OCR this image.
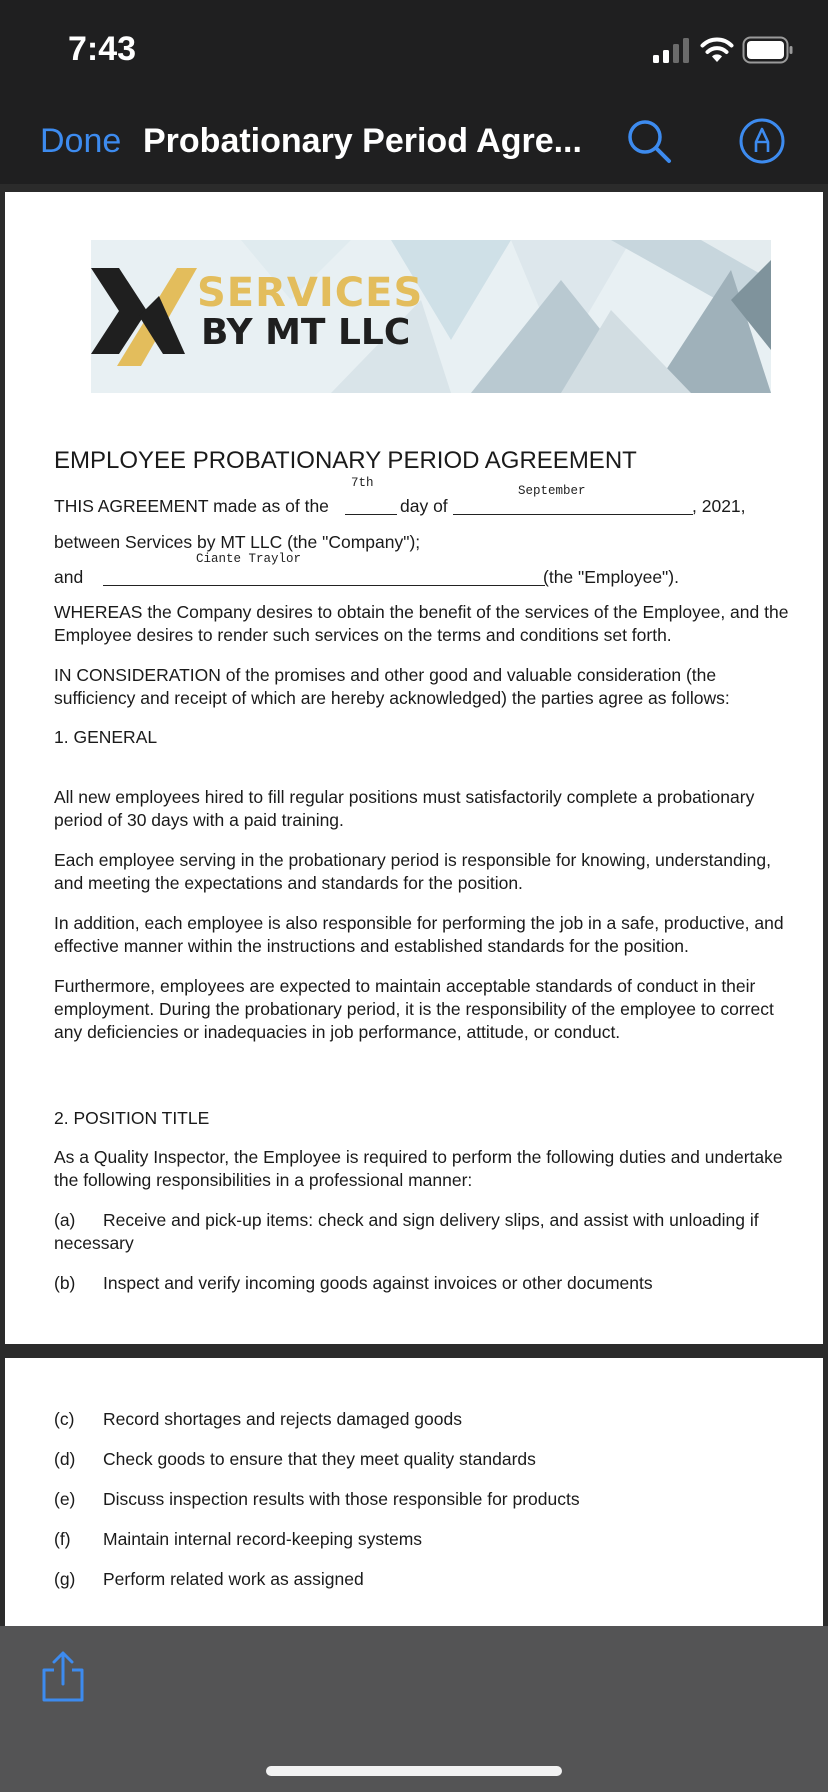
7:43
Done Probationary Period Agre...
SERVICES
BY MT LLC
EMPLOYEE PROBATIONARY PERIOD AGREEMENT
7th
September
THIS AGREEMENT made as of the	day of	, 2021,
between Services by MT LLC (the "Company");
and
Ciante Traylor
(the "Employee").
WHEREAS the Company desires to obtain the benefit of the services of the Employee, and the Employee desires to render such services on the terms and conditions set forth.
IN CONSIDERATION of the promises and other good and valuable consideration (the sufficiency and receipt of which are hereby acknowledged) the parties agree as follows:
1. GENERAL
All new employees hired to fill regular positions must satisfactorily complete a probationary period of 30 days with a paid training.
Each employee serving in the probationary period is responsible for knowing, understanding, and meeting the expectations and standards for the position.
In addition, each employee is also responsible for performing the job in a safe, productive, and effective manner within the instructions and established standards for the position.
Furthermore, employees are expected to maintain acceptable standards of conduct in their employment. During the probationary period, it is the responsibility of the employee to correct any deficiencies or inadequacies in job performance, attitude, or conduct.
2. POSITION TITLE
As a Quality Inspector, the Employee is required to perform the following duties and undertake the following responsibilities in a professional manner:
(a) Receive and pick-up items: check and sign delivery slips, and assist with unloading if
necessary
(b) Inspect and verify incoming goods against invoices or other documents
(c) Record shortages and rejects damaged goods
(d) Check goods to ensure that they meet quality standards
(e) Discuss inspection results with those responsible for products
(f) Maintain internal record-keeping systems
(g) Perform related work as assigned
